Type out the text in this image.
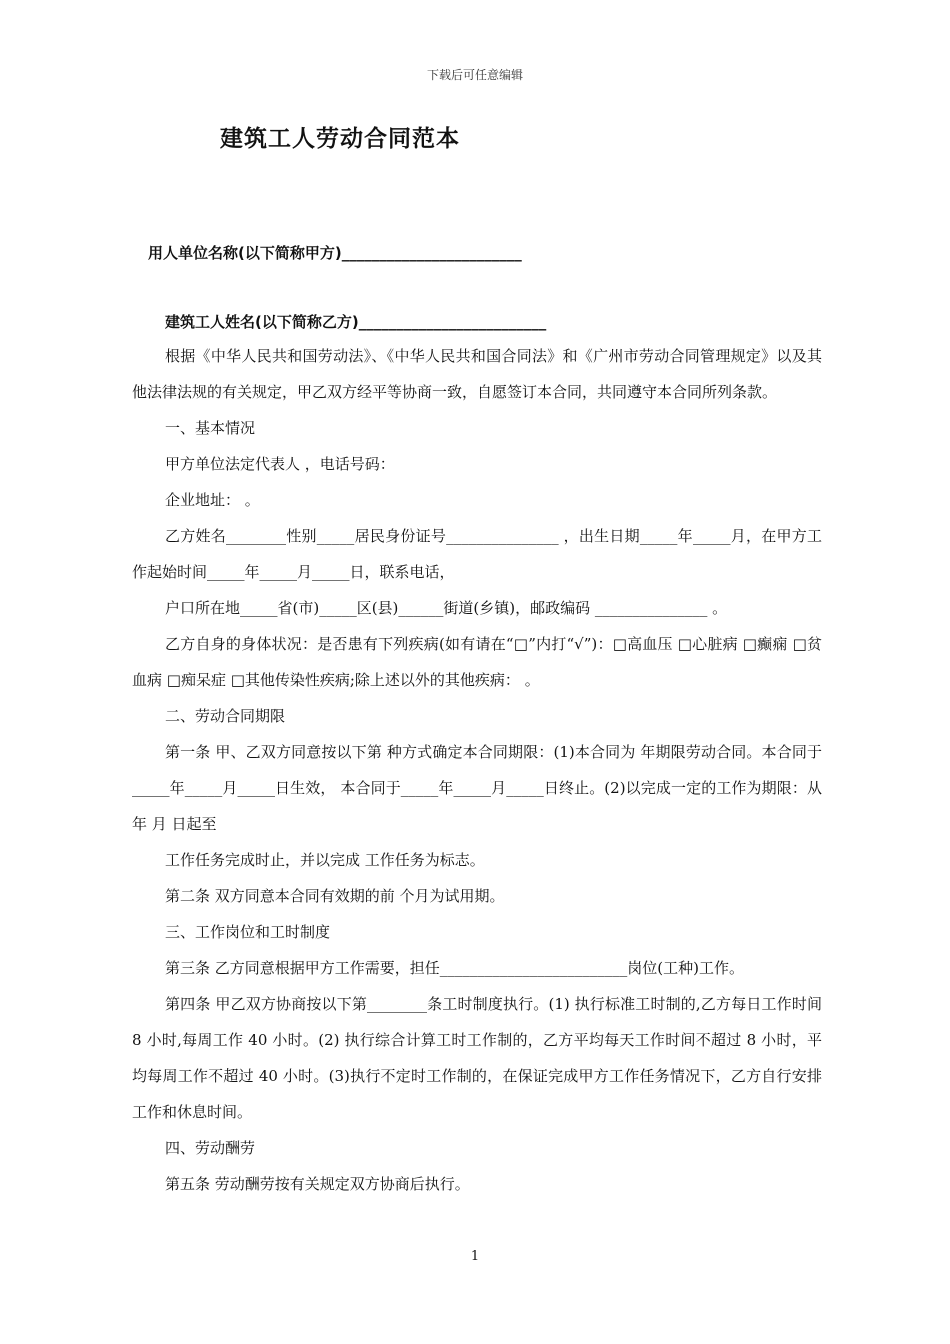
下载后可任意编辑
建筑工人劳动合同范本
用人单位名称(以下简称甲方)________________________
建筑工人姓名(以下简称乙方)_________________________

根据《中华人民共和国劳动法》、《中华人民共和国合同法》和《广州市劳动合同管理规定》以及其他法律法规的有关规定，甲乙双方经平等协商一致，自愿签订本合同，共同遵守本合同所列条款。

一、基本情况

甲方单位法定代表人 ，电话号码：

企业地址： 。

乙方姓名________性别_____居民身份证号_______________ ，出生日期_____年_____月，在甲方工作起始时间_____年_____月_____日，联系电话，

户口所在地_____省(市)_____区(县)______街道(乡镇)，邮政编码 _______________ 。

乙方自身的身体状况：是否患有下列疾病(如有请在“□”内打“√”)：□高血压 □心脏病 □癫痫 □贫血病 □痴呆症 □其他传染性疾病;除上述以外的其他疾病： 。

二、劳动合同期限

第一条 甲、乙双方同意按以下第 种方式确定本合同期限：(1)本合同为 年期限劳动合同。本合同于_____年_____月_____日生效， 本合同于_____年_____月_____日终止。(2)以完成一定的工作为期限：从 年 月 日起至

工作任务完成时止，并以完成 工作任务为标志。

第二条 双方同意本合同有效期的前 个月为试用期。

三、工作岗位和工时制度

第三条 乙方同意根据甲方工作需要，担任_________________________岗位(工种)工作。

第四条 甲乙双方协商按以下第________条工时制度执行。(1) 执行标准工时制的,乙方每日工作时间 8 小时,每周工作 40 小时。(2) 执行综合计算工时工作制的，乙方平均每天工作时间不超过 8 小时，平均每周工作不超过 40 小时。(3)执行不定时工作制的，在保证完成甲方工作任务情况下，乙方自行安排工作和休息时间。

四、劳动酬劳

第五条 劳动酬劳按有关规定双方协商后执行。

1
